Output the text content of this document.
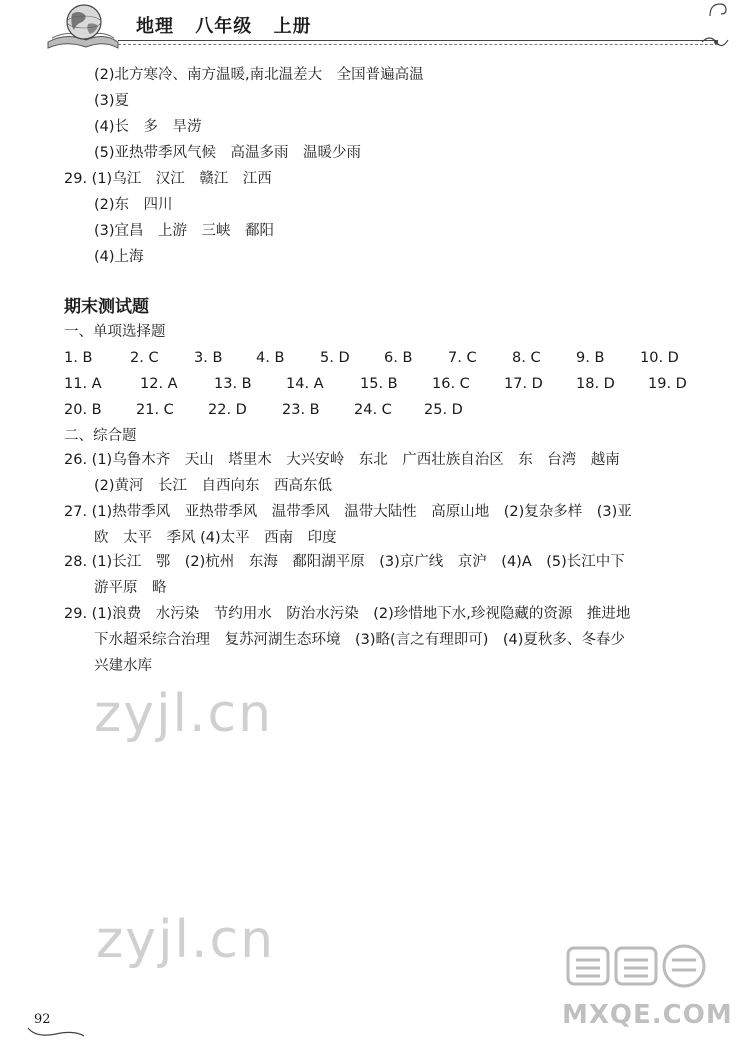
地理 八年级 上册
(2)北方寒冷、南方温暖,南北温差大　全国普遍高温
(3)夏
(4)长　多　旱涝
(5)亚热带季风气候　高温多雨　温暖少雨
29. (1)乌江　汉江　赣江　江西
(2)东　四川
(3)宜昌　上游　三峡　鄱阳
(4)上海
期末测试题
一、单项选择题
1. B	2. C 3. B 4. B 5. D 6. B 7. C 8. C 9. B 10. D
11. A	12. A	13. B 14. A	15. B 16. C 17. D 18. D 19. D
20. B 21. C 22. D 23. B 24. C 25. D
二、综合题
26. (1)乌鲁木齐　天山　塔里木　大兴安岭　东北　广西壮族自治区　东　台湾　越南
(2)黄河　长江　自西向东　西高东低
27. (1)热带季风　亚热带季风　温带季风　温带大陆性　高原山地　(2)复杂多样　(3)亚
欧　太平　季风 (4)太平　西南　印度
28. (1)长江　鄂　(2)杭州　东海　鄱阳湖平原　(3)京广线　京沪　(4)A　(5)长江中下
游平原　略
29. (1)浪费　水污染　节约用水　防治水污染　(2)珍惜地下水,珍视隐藏的资源　推进地
下水超采综合治理　复苏河湖生态环境　(3)略(言之有理即可)　(4)夏秋多、冬春少
兴建水库
zyjl.cn
zyjl.cn
MXQE.COM
92
